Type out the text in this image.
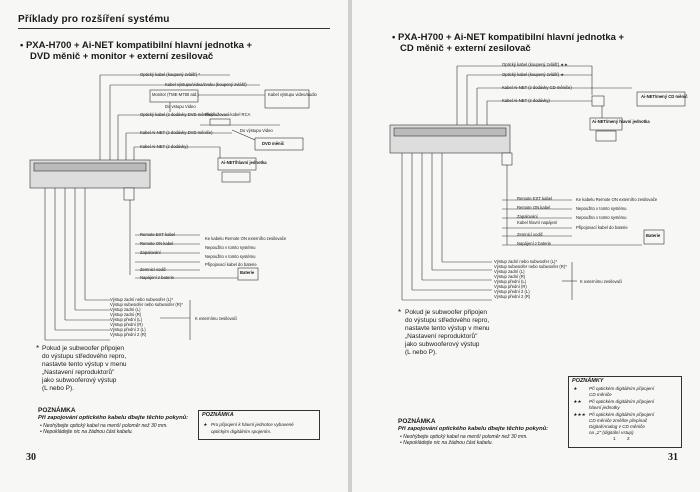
Příklady pro rozšíření systému
• PXA-H700 + Ai-NET kompatibilní hlavní jednotka +
DVD měnič + monitor + externí zesilovač
Optický kabel (koupený zvlášť) *
Kabel výstupu/videa/zvuku (koupený zvlášť)
Monitor (TME-M780 atd.)
Do vstupu Video
Kabel výstupu video/audio
Prodlužovací kabel RCA
Optický kabel (z dodávky DVD měniče)
Do výstupu Video
Kabel Ai-NET (z dodávky DVD měniče)
DVD měnič
Kabel Ai-NET (z dodávky)
Ai-NET/hlavní jednotka
Remote EXT kabel
Remote ON kabel
Zapalování
Zemnicí vodič
Napájení z baterie
Ke kabelu Remote ON externího zesilovače
Nepoužito v tomto systému
Nepoužito v tomto systému
Připojovací kabel do baterie
Baterie
Výstup zadní nebo subwoofer (L)*
Výstup subwoofer nebo subwoofer (R)*
Výstup zadní (L)
Výstup zadní (R)
Výstup přední (L)
Výstup přední (R)
Výstup přední 2 (L)
Výstup přední 2 (R)
K externímu zesilovači
* Pokud je subwoofer připojen
do výstupu středového repro,
nastavte tento výstup v menu
„Nastavení reproduktorů"
jako subwooferový výstup
(L nebo P).
POZNÁMKA
Při zapojování optického kabelu dbejte těchto pokynů:
• Neohýbejte optický kabel na menší poloměr než 30 mm.
• Nepokládejte nic na žádnou část kabelu.
POZNÁMKA
★ Pro připojení k hlavní jednotce vybavené
optickým digitálním spojením.
30
• PXA-H700 + Ai-NET kompatibilní hlavní jednotka +
CD měnič + externí zesilovač
Optický kabel (koupený zvlášť) ★★
Optický kabel (koupený zvlášť) ★
Kabel Ai-NET (z dodávky CD měniče)
Kabel Ai-NET (z dodávky)
Ai-NET/mený CD měnič
Ai-NET/mený hlavní jednotka
Remote EXT kabel
Remote ON kabel
Zapalování
Kabel hlavní napájení
Zemnicí vodič
Napájení z baterie
Ke kabelu Remote ON externího zesilovače
Nepoužito v tomto systému
Nepoužito v tomto systému
Připojovací kabel do baterie
Baterie
Výstup zadní nebo subwoofer (L)*
Výstup subwoofer nebo subwoofer (R)*
Výstup zadní (L)
Výstup zadní (R)
Výstup přední (L)
Výstup přední (R)
Výstup přední 2 (L)
Výstup přední 2 (R)
K externímu zesilovači
* Pokud je subwoofer připojen
do výstupu středového repro,
nastavte tento výstup v menu
„Nastavení reproduktorů"
jako subwooferový výstup
(L nebo P).
POZNÁMKA
Při zapojování optického kabelu dbejte těchto pokynů:
• Neohýbejte optický kabel na menší poloměr než 30 mm.
• Nepokládejte nic na žádnou část kabelu.
POZNÁMKY
★	Při optickém digitálním připojení
CD měniče
★★ Při optickém digitálním připojení
hlavní jednotky
★★★ Při optickém digitálním připojení
CD měniče změňte přepínač
Digital/Analog v CD měniče
na „2" (digitální vstup)
1 2
31
